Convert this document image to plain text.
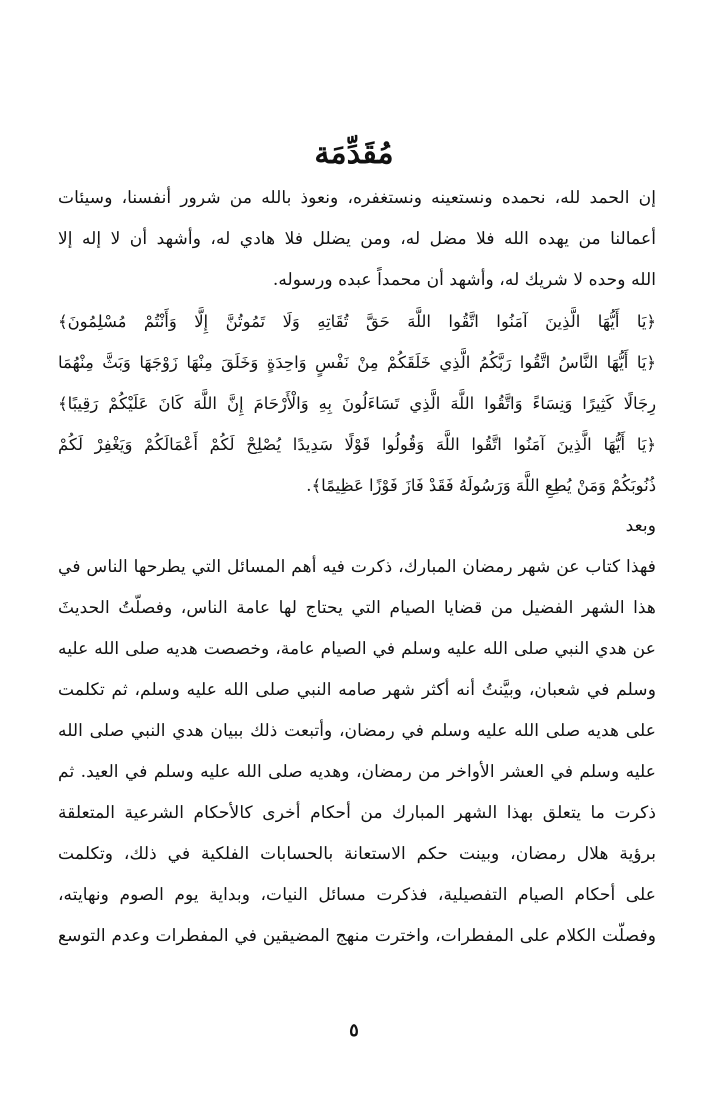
مُقَدِّمَة
إن الحمد لله، نحمده ونستعينه ونستغفره، ونعوذ بالله من شرور أنفسنا، وسيئات
أعمالنا من يهده الله فلا مضل له، ومن يضلل فلا هادي له، وأشهد أن لا إله إلا
الله وحده لا شريك له، وأشهد أن محمداً عبده ورسوله.
﴿يَا أَيُّهَا الَّذِينَ آمَنُوا اتَّقُوا اللَّهَ حَقَّ تُقَاتِهِ وَلَا تَمُوتُنَّ إِلَّا وَأَنْتُمْ مُسْلِمُونَ﴾
﴿يَا أَيُّهَا النَّاسُ اتَّقُوا رَبَّكُمُ الَّذِي خَلَقَكُمْ مِنْ نَفْسٍ وَاحِدَةٍ وَخَلَقَ مِنْهَا زَوْجَهَا وَبَثَّ مِنْهُمَا
رِجَالًا كَثِيرًا وَنِسَاءً وَاتَّقُوا اللَّهَ الَّذِي تَسَاءَلُونَ بِهِ وَالْأَرْحَامَ إِنَّ اللَّهَ كَانَ عَلَيْكُمْ رَقِيبًا﴾
﴿يَا أَيُّهَا الَّذِينَ آمَنُوا اتَّقُوا اللَّهَ وَقُولُوا قَوْلًا سَدِيدًا يُصْلِحْ لَكُمْ أَعْمَالَكُمْ وَيَغْفِرْ لَكُمْ
ذُنُوبَكُمْ وَمَنْ يُطِعِ اللَّهَ وَرَسُولَهُ فَقَدْ فَازَ فَوْزًا عَظِيمًا﴾.
وبعد
فهذا كتاب عن شهر رمضان المبارك، ذكرت فيه أهم المسائل التي يطرحها الناس في
هذا الشهر الفضيل من قضايا الصيام التي يحتاج لها عامة الناس، وفصلّتُ الحديثَ
عن هدي النبي صلى الله عليه وسلم في الصيام عامة، وخصصت هديه صلى الله عليه
وسلم في شعبان، وبيَّنتُ أنه أكثر شهر صامه النبي صلى الله عليه وسلم، ثم تكلمت
على هديه صلى الله عليه وسلم في رمضان، وأتبعت ذلك ببيان هدي النبي صلى الله
عليه وسلم في العشر الأواخر من رمضان، وهديه صلى الله عليه وسلم في العيد. ثم
ذكرت ما يتعلق بهذا الشهر المبارك من أحكام أخرى كالأحكام الشرعية المتعلقة
برؤية هلال رمضان، وبينت حكم الاستعانة بالحسابات الفلكية في ذلك، وتكلمت
على أحكام الصيام التفصيلية، فذكرت مسائل النيات، وبداية يوم الصوم ونهايته،
وفصلّت الكلام على المفطرات، واخترت منهج المضيقين في المفطرات وعدم التوسع
٥
